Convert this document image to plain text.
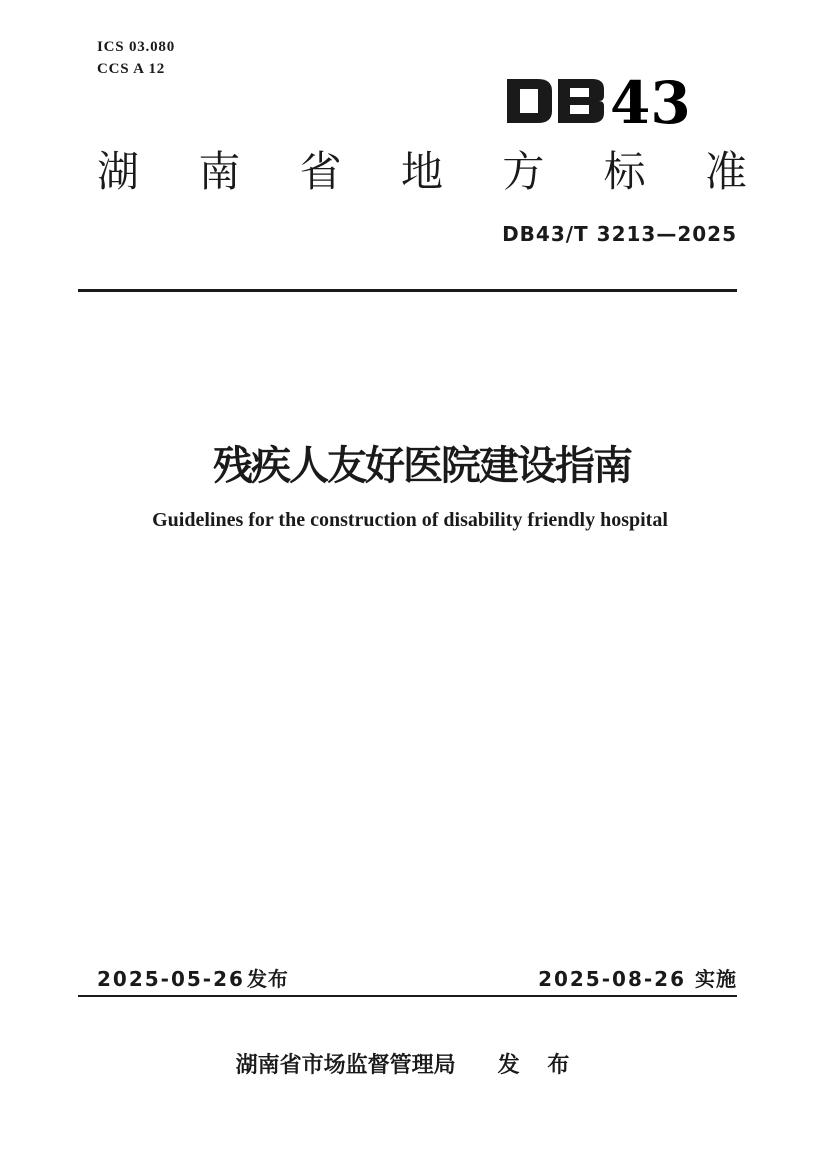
ICS 03.080
CCS A 12	43
湖 南 省 地 方 标 准
DB43/T 3213—2025
残疾人友好医院建设指南
Guidelines for the construction of disability friendly hospital
2025-05-26 发布	2025-08-26 实施
湖南省市场监督管理局 发 布
